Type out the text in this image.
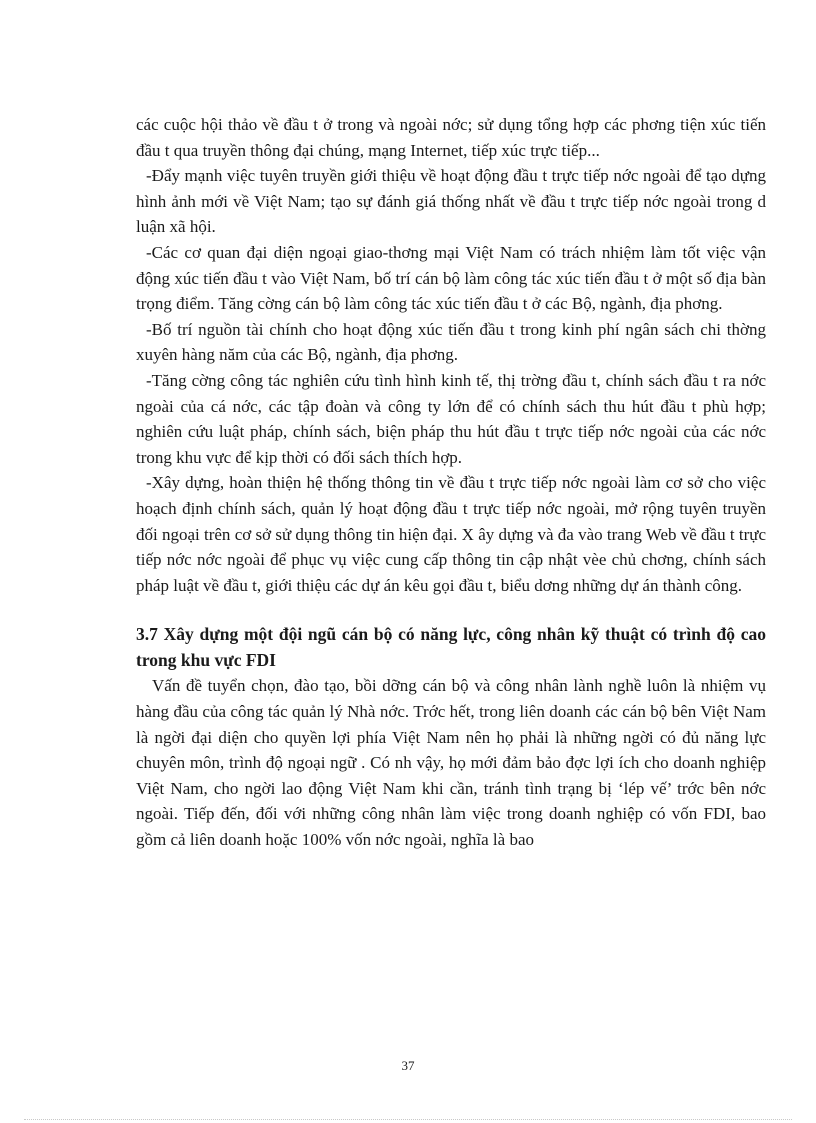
các cuộc hội thảo về đầu t ở trong và ngoài nớc; sử dụng tổng hợp các phơng tiện xúc tiến đầu t qua truyền thông đại chúng, mạng Internet, tiếp xúc trực tiếp...

-Đẩy mạnh việc tuyên truyền giới thiệu về hoạt động đầu t trực tiếp nớc ngoài để tạo dựng hình ảnh mới về Việt Nam; tạo sự đánh giá thống nhất về đầu t trực tiếp nớc ngoài trong d luận xã hội.

-Các cơ quan đại diện ngoại giao-thơng mại Việt Nam có trách nhiệm làm tốt việc vận động xúc tiến đầu t vào Việt Nam, bố trí cán bộ làm công tác xúc tiến đầu t ở một số địa bàn trọng điểm. Tăng cờng cán bộ làm công tác xúc tiến đầu t ở các Bộ, ngành, địa phơng.

-Bố trí nguồn tài chính cho hoạt động xúc tiến đầu t trong kinh phí ngân sách chi thờng xuyên hàng năm của các Bộ, ngành, địa phơng.

-Tăng cờng công tác nghiên cứu tình hình kinh tế, thị trờng đầu t, chính sách đầu t ra nớc ngoài của cá nớc, các tập đoàn và công ty lớn để có chính sách thu hút đầu t phù hợp; nghiên cứu luật pháp, chính sách, biện pháp thu hút đầu t trực tiếp nớc ngoài của các nớc trong khu vực để kịp thời có đối sách thích hợp.

-Xây dựng, hoàn thiện hệ thống thông tin về đầu t trực tiếp nớc ngoài làm cơ sở cho việc hoạch định chính sách, quản lý hoạt động đầu t trực tiếp nớc ngoài, mở rộng tuyên truyền đối ngoại trên cơ sở sử dụng thông tin hiện đại. X ây dựng và đa vào trang Web về đầu t trực tiếp nớc nớc ngoài để phục vụ việc cung cấp thông tin cập nhật vèe chủ chơng, chính sách pháp luật về đầu t, giới thiệu các dự án kêu gọi đầu t, biểu dơng những dự án thành công.

3.7 Xây dựng một đội ngũ cán bộ có năng lực, công nhân kỹ thuật có trình độ cao trong khu vực FDI

Vấn đề tuyển chọn, đào tạo, bồi dỡng cán bộ và công nhân lành nghề luôn là nhiệm vụ hàng đầu của công tác quản lý Nhà nớc. Trớc hết, trong liên doanh các cán bộ bên Việt Nam là ngời đại diện cho quyền lợi phía Việt Nam nên họ phải là những ngời có đủ năng lực chuyên môn, trình độ ngoại ngữ . Có nh vậy, họ mới đảm bảo đợc lợi ích cho doanh nghiệp Việt Nam, cho ngời lao động Việt Nam khi cần, tránh tình trạng bị ‘lép vế’ trớc bên nớc ngoài. Tiếp đến, đối với những công nhân làm việc trong doanh nghiệp có vốn FDI, bao gồm cả liên doanh hoặc 100% vốn nớc ngoài, nghĩa là bao

37
